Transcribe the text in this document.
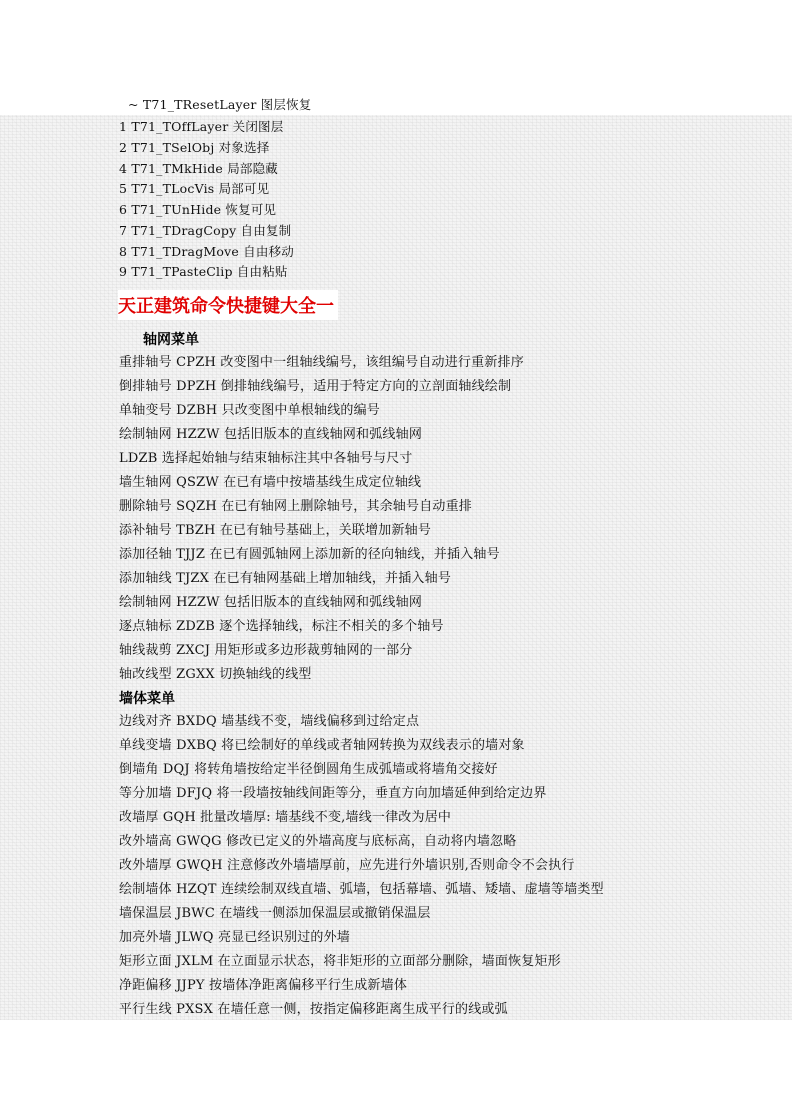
~ T71_TResetLayer 图层恢复
1 T71_TOffLayer 关闭图层
2 T71_TSelObj 对象选择
4 T71_TMkHide 局部隐藏
5 T71_TLocVis 局部可见
6 T71_TUnHide 恢复可见
7 T71_TDragCopy 自由复制
8 T71_TDragMove 自由移动
9 T71_TPasteClip 自由粘贴
天正建筑命令快捷键大全一
轴网菜单
重排轴号 CPZH 改变图中一组轴线编号，该组编号自动进行重新排序
倒排轴号 DPZH 倒排轴线编号，适用于特定方向的立剖面轴线绘制
单轴变号 DZBH 只改变图中单根轴线的编号
绘制轴网 HZZW 包括旧版本的直线轴网和弧线轴网
LDZB 选择起始轴与结束轴标注其中各轴号与尺寸
墙生轴网 QSZW 在已有墙中按墙基线生成定位轴线
删除轴号 SQZH 在已有轴网上删除轴号，其余轴号自动重排
添补轴号 TBZH 在已有轴号基础上，关联增加新轴号
添加径轴 TJJZ 在已有圆弧轴网上添加新的径向轴线，并插入轴号
添加轴线 TJZX 在已有轴网基础上增加轴线，并插入轴号
绘制轴网 HZZW 包括旧版本的直线轴网和弧线轴网
逐点轴标 ZDZB 逐个选择轴线，标注不相关的多个轴号
轴线裁剪 ZXCJ 用矩形或多边形裁剪轴网的一部分
轴改线型 ZGXX 切换轴线的线型
墙体菜单
边线对齐 BXDQ 墙基线不变，墙线偏移到过给定点
单线变墙 DXBQ 将已绘制好的单线或者轴网转换为双线表示的墙对象
倒墙角 DQJ 将转角墙按给定半径倒圆角生成弧墙或将墙角交接好
等分加墙 DFJQ 将一段墙按轴线间距等分，垂直方向加墙延伸到给定边界
改墙厚 GQH 批量改墙厚: 墙基线不变,墙线一律改为居中
改外墙高 GWQG 修改已定义的外墙高度与底标高，自动将内墙忽略
改外墙厚 GWQH 注意修改外墙墙厚前，应先进行外墙识别,否则命令不会执行
绘制墙体 HZQT 连续绘制双线直墙、弧墙，包括幕墙、弧墙、矮墙、虚墙等墙类型
墙保温层 JBWC 在墙线一侧添加保温层或撤销保温层
加亮外墙 JLWQ 亮显已经识别过的外墙
矩形立面 JXLM 在立面显示状态，将非矩形的立面部分删除，墙面恢复矩形
净距偏移 JJPY 按墙体净距离偏移平行生成新墙体
平行生线 PXSX 在墙任意一侧，按指定偏移距离生成平行的线或弧
